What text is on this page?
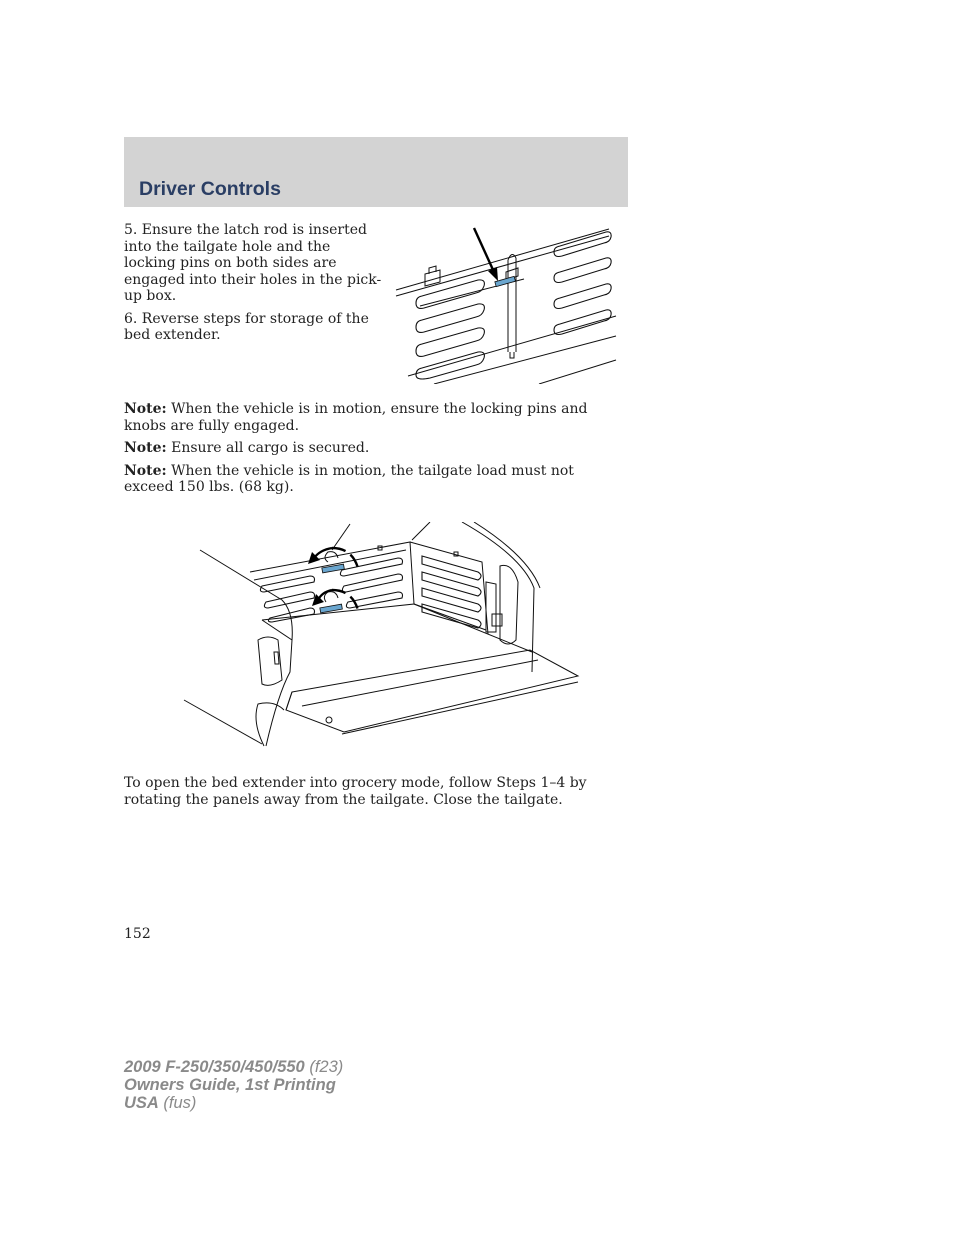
Driver Controls

5. Ensure the latch rod is inserted into the tailgate hole and the locking pins on both sides are engaged into their holes in the pick-up box.

6. Reverse steps for storage of the bed extender.

Note: When the vehicle is in motion, ensure the locking pins and knobs are fully engaged.

Note: Ensure all cargo is secured.

Note: When the vehicle is in motion, the tailgate load must not exceed 150 lbs. (68 kg).

To open the bed extender into grocery mode, follow Steps 1–4 by rotating the panels away from the tailgate. Close the tailgate.

152

2009 F-250/350/450/550 (f23)
Owners Guide, 1st Printing
USA (fus)
